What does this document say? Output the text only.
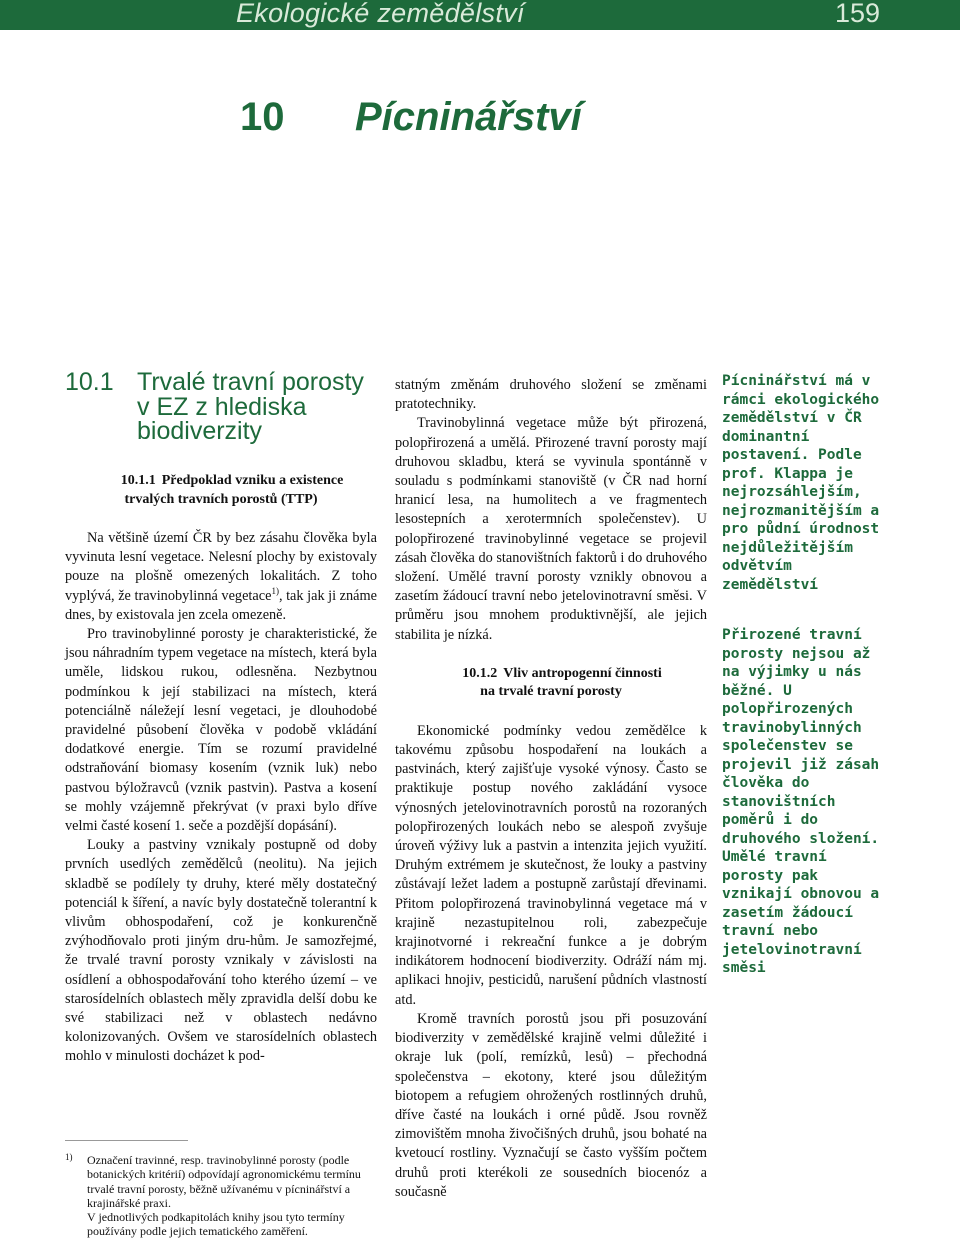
Ekologické zemědělství	159
10 Pícninářství
10.1 Trvalé travní porosty
v EZ z hlediska
biodiverzity

10.1.1 Předpoklad vzniku a existence
trvalých travních porostů (TTP)

Na většině území ČR by bez zásahu člověka byla vyvinuta lesní vegetace. Nelesní plochy by existovaly pouze na plošně omezených lokalitách. Z toho vyplývá, že travinobylinná vegetace$^{1)}$, tak jak ji známe dnes, by existovala jen zcela omezeně.

Pro travinobylinné porosty je charakteristické, že jsou náhradním typem vegetace na místech, která byla uměle, lidskou rukou, odlesněna. Nezbytnou podmínkou k její stabilizaci na místech, která potenciálně náležejí lesní vegetaci, je dlouhodobé pravidelné působení člověka v podobě vkládání dodatkové energie. Tím se rozumí pravidelné odstraňování biomasy kosením (vznik luk) nebo pastvou býložravců (vznik pastvin). Pastva a kosení se mohly vzájemně překrývat (v praxi bylo dříve velmi časté kosení 1. seče a pozdější dopásání).

Louky a pastviny vznikaly postupně od doby prvních usedlých zemědělců (neolitu). Na jejich skladbě se podílely ty druhy, které měly dostatečný potenciál k šíření, a navíc byly dostatečně tolerantní k vlivům obhospodaření, což je konkurenčně zvýhodňovalo proti jiným dru-hům. Je samozřejmé, že trvalé travní porosty vznikaly v závislosti na osídlení a obhospodařování toho kterého území – ve starosídelních oblastech měly zpravidla delší dobu ke své stabilizaci než v oblastech nedávno kolonizovaných. Ovšem ve starosídelních oblastech mohlo v minulosti docházet k pod-

1) Označení travinné, resp. travinobylinné porosty (podle botanických kritérií) odpovídají agronomickému termínu trvalé travní porosty, běžně užívanému v pícninářství a krajinářské praxi.
V jednotlivých podkapitolách knihy jsou tyto termíny používány podle jejich tematického zaměření.

statným změnám druhového složení se změnami pratotechniky.

Travinobylinná vegetace může být přirozená, polopřirozená a umělá. Přirozené travní porosty mají druhovou skladbu, která se vyvinula spontánně v souladu s podmínkami stanoviště (v ČR nad horní hranicí lesa, na humolitech a ve fragmentech lesostepních a xerotermních společenstev). U polopřirozené travinobylinné vegetace se projevil zásah člověka do stanovištních faktorů i do druhového složení. Umělé travní porosty vznikly obnovou a zasetím žádoucí travní nebo jetelovinotravní směsi. V průměru jsou mnohem produktivnější, ale jejich stabilita je nízká.

10.1.2 Vliv antropogenní činnosti
na trvalé travní porosty

Ekonomické podmínky vedou zemědělce k takovému způsobu hospodaření na loukách a pastvinách, který zajišťuje vysoké výnosy. Často se praktikuje postup nového zakládání vysoce výnosných jetelovinotravních porostů na rozoraných polopřirozených loukách nebo se alespoň zvyšuje úroveň výživy luk a pastvin a intenzita jejich využití. Druhým extrémem je skutečnost, že louky a pastviny zůstávají ležet ladem a postupně zarůstají dřevinami. Přitom polopřirozená travinobylinná vegetace má v krajině nezastupitelnou roli, zabezpečuje krajinotvorné i rekreační funkce a je dobrým indikátorem hodnocení biodiverzity. Odráží nám mj. aplikaci hnojiv, pesticidů, narušení půdních vlastností atd.

Kromě travních porostů jsou při posuzování biodiverzity v zemědělské krajině velmi důležité i okraje luk (polí, remízků, lesů) – přechodná společenstva – ekotony, které jsou důležitým biotopem a refugiem ohrožených rostlinných druhů, dříve časté na loukách i orné půdě. Jsou rovněž zimovištěm mnoha živočišných druhů, jsou bohaté na kvetoucí rostliny. Vyznačují se často vyšším počtem druhů proti kterékoli ze sousedních biocenóz a současně

Pícninářství má v rámci ekologického zemědělství v ČR dominantní postavení. Podle prof. Klappa je nejrozsáhlejším, nejrozmanitějším a pro půdní úrodnost nejdůležitějším odvětvím zemědělství
Přirozené travní porosty nejsou až na výjimky u nás běžné. U polopřirozených travinobylinných společenstev se projevil již zásah člověka do stanovištních poměrů i do druhového složení. Umělé travní porosty pak vznikají obnovou a zasetím žádoucí travní nebo jetelovinotravní směsi
